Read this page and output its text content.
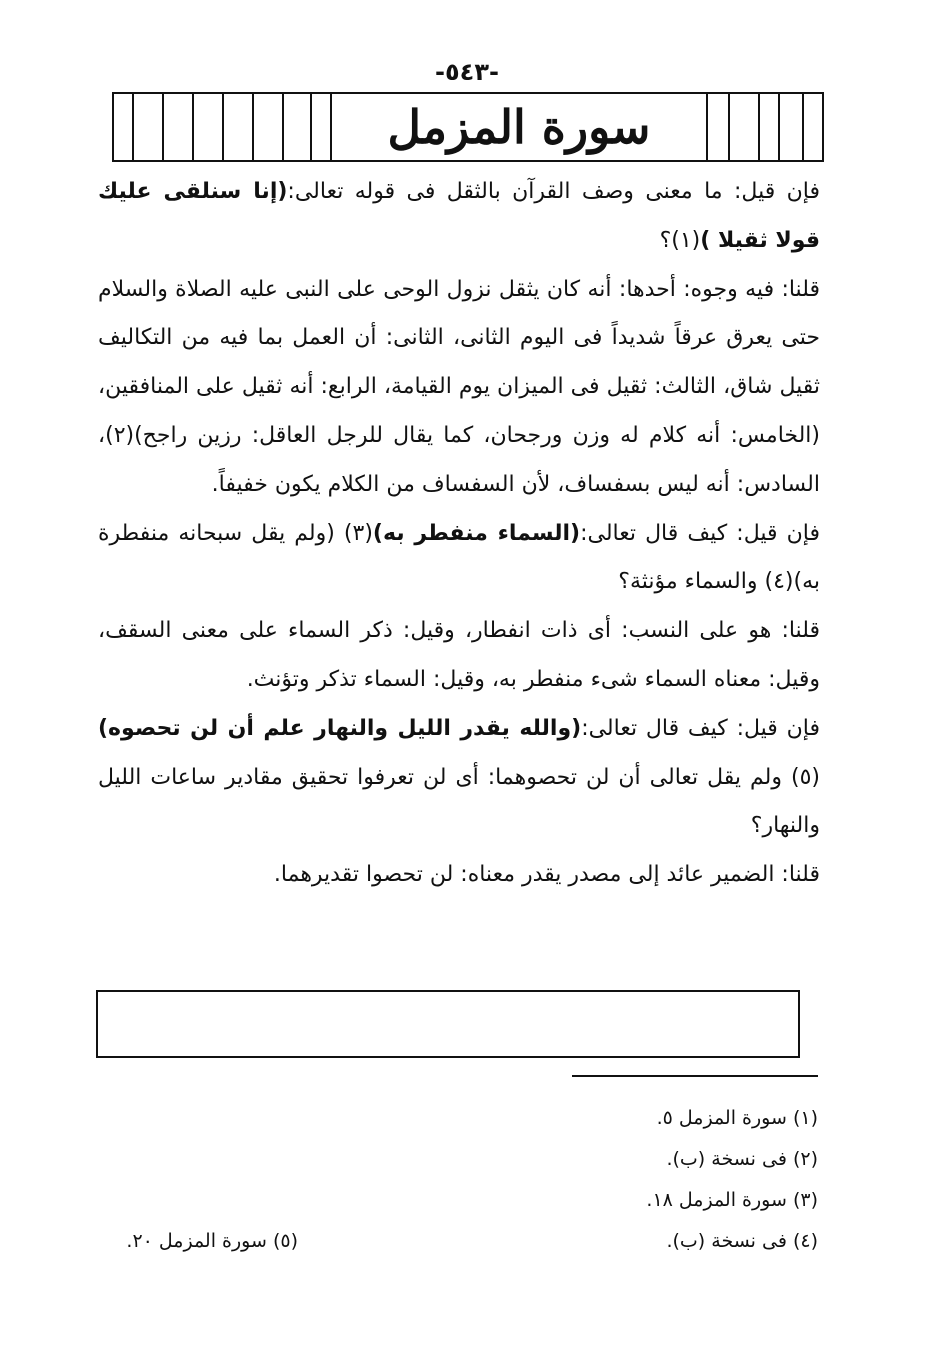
-٥٤٣-
سورة المزمل

فإن قيل: ما معنى وصف القرآن بالثقل فى قوله تعالى:(إنا سنلقى عليك قولا ثقيلا )(١)؟

قلنا: فيه وجوه: أحدها: أنه كان يثقل نزول الوحى على النبى عليه الصلاة والسلام حتى يعرق عرقاً شديداً فى اليوم الثانى، الثانى: أن العمل بما فيه من التكاليف ثقيل شاق، الثالث: ثقيل فى الميزان يوم القيامة، الرابع: أنه ثقيل على المنافقين، (الخامس: أنه كلام له وزن ورجحان، كما يقال للرجل العاقل: رزين راجح)(٢)، السادس: أنه ليس بسفساف، لأن السفساف من الكلام يكون خفيفاً.

فإن قيل: كيف قال تعالى:(السماء منفطر به)(٣) (ولم يقل سبحانه منفطرة به)(٤) والسماء مؤنثة؟

قلنا: هو على النسب: أى ذات انفطار، وقيل: ذكر السماء على معنى السقف، وقيل: معناه السماء شىء منفطر به، وقيل: السماء تذكر وتؤنث.

فإن قيل: كيف قال تعالى:(والله يقدر الليل والنهار علم أن لن تحصوه)(٥) ولم يقل تعالى أن لن تحصوهما: أى لن تعرفوا تحقيق مقادير ساعات الليل والنهار؟

قلنا: الضمير عائد إلى مصدر يقدر معناه: لن تحصوا تقديرهما.

(١) سورة المزمل ٥.
(٢) فى نسخة (ب).
(٣) سورة المزمل ١٨.
(٤) فى نسخة (ب).
(٥) سورة المزمل ٢٠.
